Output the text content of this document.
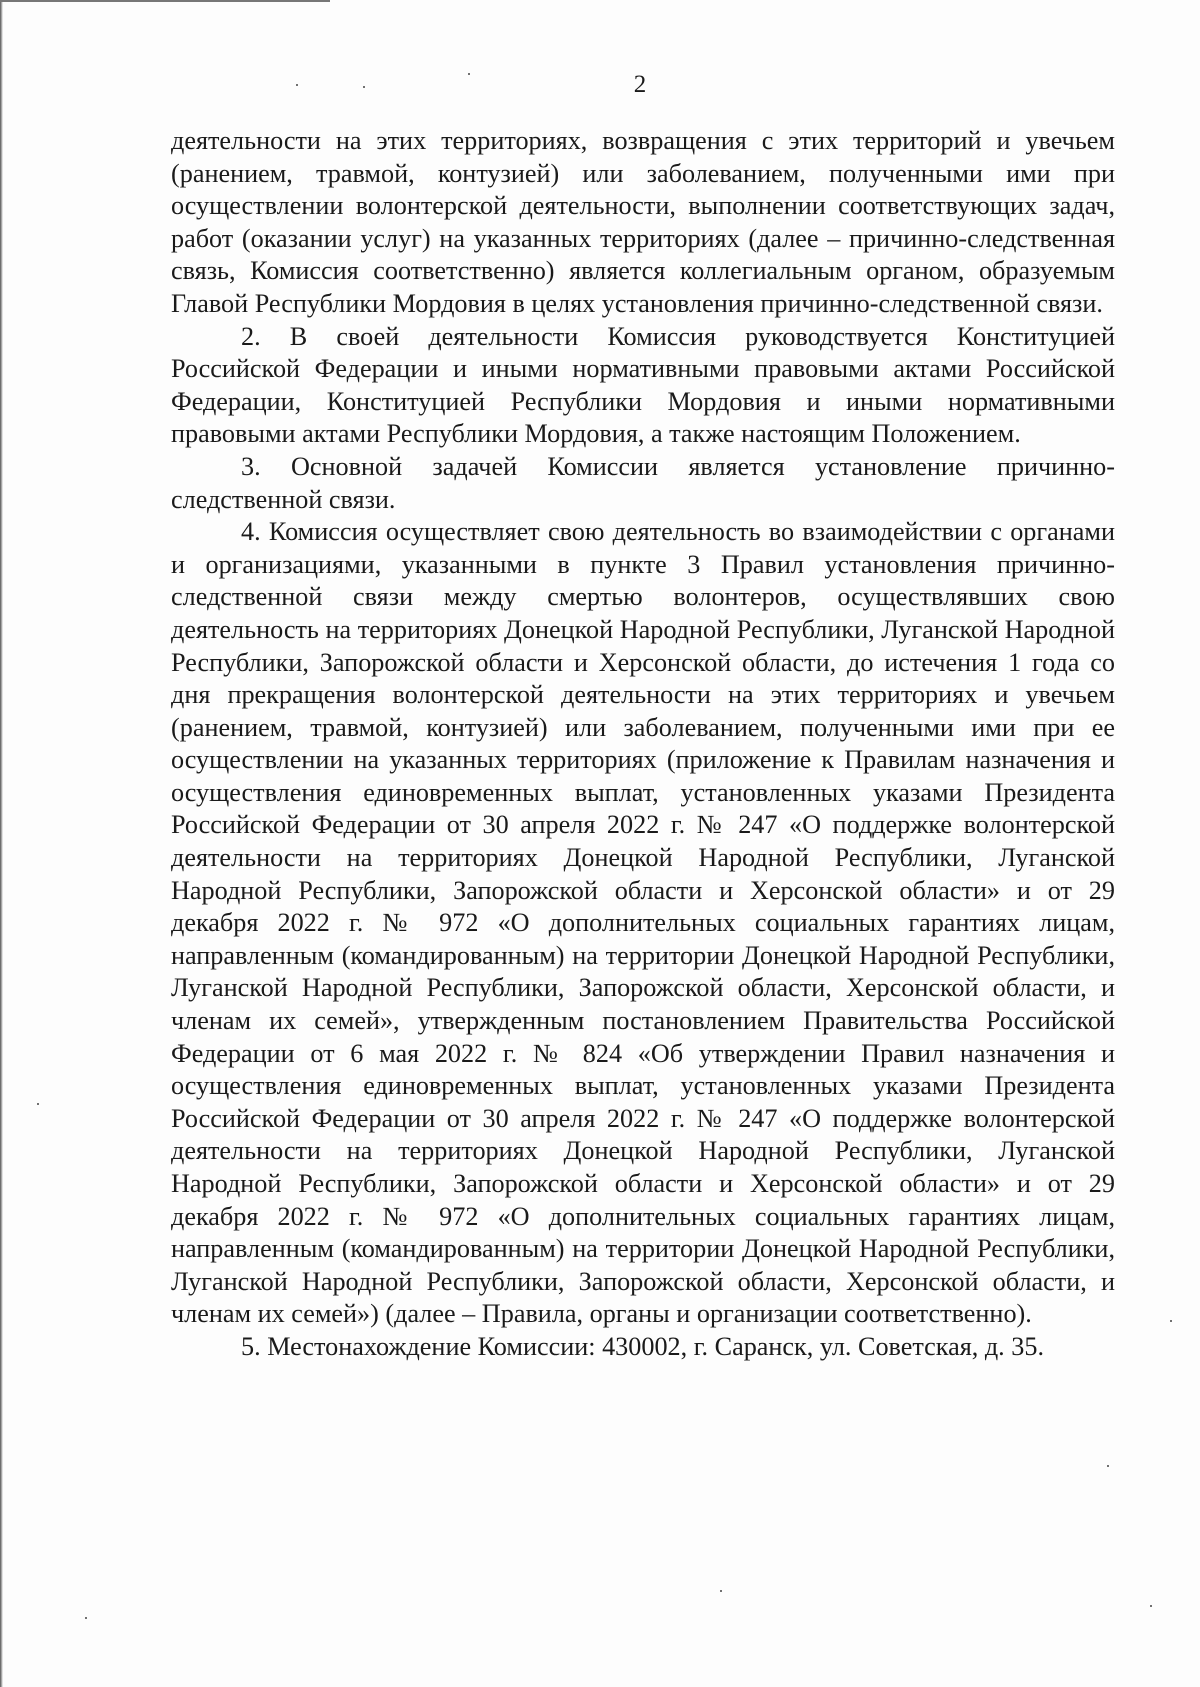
2

деятельности на этих территориях, возвращения с этих территорий и увечьем (ранением, травмой, контузией) или заболеванием, полученными ими при осуществлении волонтерской деятельности, выполнении соответствующих задач, работ (оказании услуг) на указанных территориях (далее – причинно-следственная связь, Комиссия соответственно) является коллегиальным органом, образуемым Главой Республики Мордовия в целях установления причинно-следственной связи.

2. В своей деятельности Комиссия руководствуется Конституцией Российской Федерации и иными нормативными правовыми актами Российской Федерации, Конституцией Республики Мордовия и иными нормативными правовыми актами Республики Мордовия, а также настоящим Положением.

3. Основной задачей Комиссии является установление причинно-следственной связи.

4. Комиссия осуществляет свою деятельность во взаимодействии с органами и организациями, указанными в пункте 3 Правил установления причинно-следственной связи между смертью волонтеров, осуществлявших свою деятельность на территориях Донецкой Народной Республики, Луганской Народной Республики, Запорожской области и Херсонской области, до истечения 1 года со дня прекращения волонтерской деятельности на этих территориях и увечьем (ранением, травмой, контузией) или заболеванием, полученными ими при ее осуществлении на указанных территориях (приложение к Правилам назначения и осуществления единовременных выплат, установленных указами Президента Российской Федерации от 30 апреля 2022 г. № 247 «О поддержке волонтерской деятельности на территориях Донецкой Народной Республики, Луганской Народной Республики, Запорожской области и Херсонской области» и от 29 декабря 2022 г. № 972 «О дополнительных социальных гарантиях лицам, направленным (командированным) на территории Донецкой Народной Республики, Луганской Народной Республики, Запорожской области, Херсонской области, и членам их семей», утвержденным постановлением Правительства Российской Федерации от 6 мая 2022 г. № 824 «Об утверждении Правил назначения и осуществления единовременных выплат, установленных указами Президента Российской Федерации от 30 апреля 2022 г. № 247 «О поддержке волонтерской деятельности на территориях Донецкой Народной Республики, Луганской Народной Республики, Запорожской области и Херсонской области» и от 29 декабря 2022 г. № 972 «О дополнительных социальных гарантиях лицам, направленным (командированным) на территории Донецкой Народной Республики, Луганской Народной Республики, Запорожской области, Херсонской области, и членам их семей») (далее – Правила, органы и организации соответственно).

5. Местонахождение Комиссии: 430002, г. Саранск, ул. Советская, д. 35.
